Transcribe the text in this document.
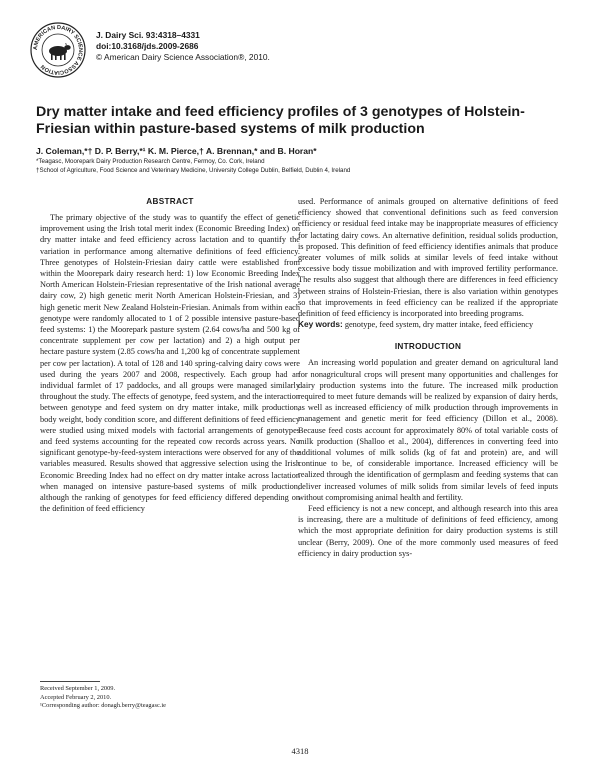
AMERICAN DAIRY SCIENCE ASSOCIATION
J. Dairy Sci. 93:4318–4331
doi:10.3168/jds.2009-2686
© American Dairy Science Association®, 2010.
Dry matter intake and feed efficiency profiles of 3 genotypes of Holstein-Friesian within pasture-based systems of milk production
J. Coleman,*† D. P. Berry,*¹ K. M. Pierce,† A. Brennan,* and B. Horan*
*Teagasc, Moorepark Dairy Production Research Centre, Fermoy, Co. Cork, Ireland
†School of Agriculture, Food Science and Veterinary Medicine, University College Dublin, Belfield, Dublin 4, Ireland
ABSTRACT

The primary objective of the study was to quantify the effect of genetic improvement using the Irish total merit index (Economic Breeding Index) on dry matter intake and feed efficiency across lactation and to quantify the variation in performance among alternative definitions of feed efficiency. Three genotypes of Holstein-Friesian dairy cattle were established from within the Moorepark dairy research herd: 1) low Economic Breeding Index North American Holstein-Friesian representative of the Irish national average dairy cow, 2) high genetic merit North American Holstein-Friesian, and 3) high genetic merit New Zealand Holstein-Friesian. Animals from within each genotype were randomly allocated to 1 of 2 possible intensive pasture-based feed systems: 1) the Moorepark pasture system (2.64 cows/ha and 500 kg of concentrate supplement per cow per lactation) and 2) a high output per hectare pasture system (2.85 cows/ha and 1,200 kg of concentrate supplement per cow per lactation). A total of 128 and 140 spring-calving dairy cows were used during the years 2007 and 2008, respectively. Each group had an individual farmlet of 17 paddocks, and all groups were managed similarly throughout the study. The effects of genotype, feed system, and the interaction between genotype and feed system on dry matter intake, milk production, body weight, body condition score, and different definitions of feed efficiency were studied using mixed models with factorial arrangements of genotypes and feed systems accounting for the repeated cow records across years. No significant genotype-by-feed-system interactions were observed for any of the variables measured. Results showed that aggressive selection using the Irish Economic Breeding Index had no effect on dry matter intake across lactation when managed on intensive pasture-based systems of milk production, although the ranking of genotypes for feed efficiency differed depending on the definition of feed efficiency

used. Performance of animals grouped on alternative definitions of feed efficiency showed that conventional definitions such as feed conversion efficiency or residual feed intake may be inappropriate measures of efficiency for lactating dairy cows. An alternative definition, residual solids production, is proposed. This definition of feed efficiency identifies animals that produce greater volumes of milk solids at similar levels of feed intake without excessive body tissue mobilization and with improved fertility performance. The results also suggest that although there are differences in feed efficiency between strains of Holstein-Friesian, there is also variation within genotypes so that improvements in feed efficiency can be realized if the appropriate definition of feed efficiency is incorporated into breeding programs.

Key words: genotype, feed system, dry matter intake, feed efficiency

INTRODUCTION

An increasing world population and greater demand on agricultural land for nonagricultural crops will present many opportunities and challenges for dairy production systems into the future. The increased milk production required to meet future demands will be realized by expansion of dairy herds, as well as increased efficiency of milk production through improvements in management and genetic merit for feed efficiency (Dillon et al., 2008). Because feed costs account for approximately 80% of total variable costs of milk production (Shalloo et al., 2004), differences in converting feed into additional volumes of milk solids (kg of fat and protein) are, and will continue to be, of considerable importance. Increased efficiency will be realized through the identification of germplasm and feeding systems that can deliver increased volumes of milk solids from similar levels of feed inputs without compromising animal health and fertility.

Feed efficiency is not a new concept, and although research into this area is increasing, there are a multitude of definitions of feed efficiency, among which the most appropriate definition for dairy production systems is still unclear (Berry, 2009). One of the more commonly used measures of feed efficiency in dairy production sys-

Received September 1, 2009.
Accepted February 2, 2010.
¹Corresponding author: donagh.berry@teagasc.ie
4318
